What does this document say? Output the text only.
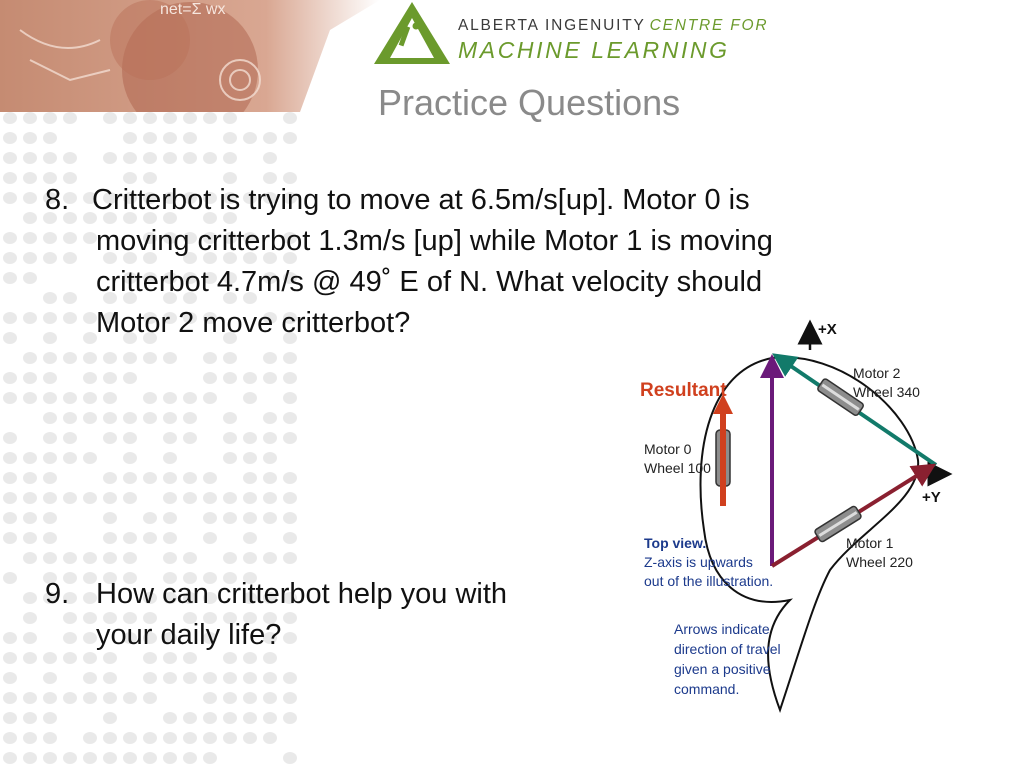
net=Σ wx
ALBERTA INGENUITY CENTRE FOR
MACHINE LEARNING
Practice Questions
8. Critterbot is trying to move at 6.5m/s[up]. Motor 0 is
moving critterbot 1.3m/s [up] while Motor 1 is moving
critterbot 4.7m/s @ 49˚ E of N. What velocity should
Motor 2 move critterbot?
9. How can critterbot help you with
your daily life?
+X
+Y
Resultant
Motor 0
Wheel 100
Motor 2
Wheel 340
Motor 1
Wheel 220
Top view.
Z-axis is upwards
out of the illustration.
Arrows indicate
direction of travel
given a positive
command.
